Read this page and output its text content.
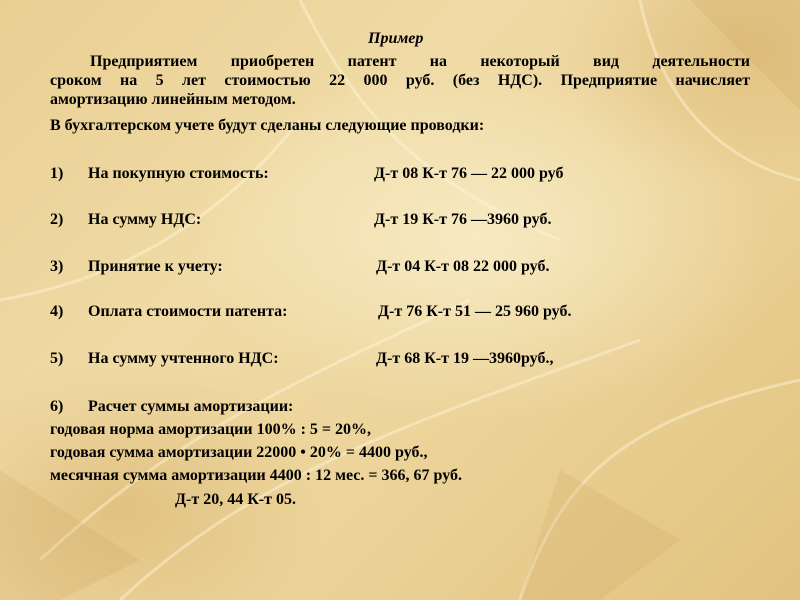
Пример
Предприятием приобретен патент на некоторый вид деятельности
сроком на 5 лет стоимостью 22 000 руб. (без НДС). Предприятие начисляет
амортизацию линейным методом.
В бухгалтерском учете будут сделаны следующие проводки:
1) На покупную стоимость:	Д-т 08 К-т 76 — 22 000 руб
2) На сумму НДС:	Д-т 19 К-т 76 —3960 руб.
3) Принятие к учету:	Д-т 04 К-т 08 22 000 руб.
4) Оплата стоимости патента:	Д-т 76 К-т 51 — 25 960 руб.
5) На сумму учтенного НДС:	Д-т 68 К-т 19 —3960руб.,
6) Расчет суммы амортизации:
годовая норма амортизации 100% : 5 = 20%,
годовая сумма амортизации 22000 • 20% = 4400 руб.,
месячная сумма амортизации 4400 : 12 мес. = 366, 67 руб.
Д-т 20, 44 К-т 05.
